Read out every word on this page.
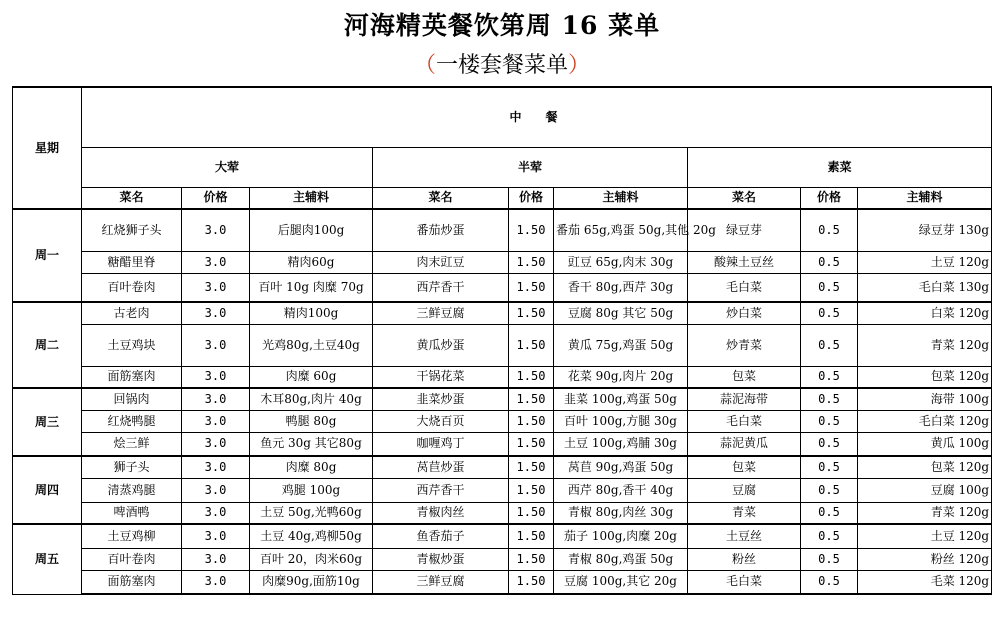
河海精英餐饮第周 16 菜单
（一楼套餐菜单）
星期	中　餐								
	大荤			半荤			素菜		
	菜名	价格	主辅料	菜名	价格	主辅料	菜名	价格	主辅料
周一	红烧狮子头	3.0	后腿肉100g	番茄炒蛋	1.50	番茄 65g,鸡蛋 50g,其他 20g	绿豆芽	0.5	绿豆芽 130g
	糖醋里脊	3.0	精肉60g	肉末豇豆	1.50	豇豆 65g,肉末 30g	酸辣土豆丝	0.5	土豆 120g
	百叶卷肉	3.0	百叶 10g 肉糜 70g	西芹香干	1.50	香干 80g,西芹 30g	毛白菜	0.5	毛白菜 130g
周二	古老肉	3.0	精肉100g	三鲜豆腐	1.50	豆腐 80g 其它 50g	炒白菜	0.5	白菜 120g
	土豆鸡块	3.0	光鸡80g,土豆40g	黄瓜炒蛋	1.50	黄瓜 75g,鸡蛋 50g	炒青菜	0.5	青菜 120g
	面筋塞肉	3.0	肉糜 60g	干锅花菜	1.50	花菜 90g,肉片 20g	包菜	0.5	包菜 120g
周三	回锅肉	3.0	木耳80g,肉片 40g	韭菜炒蛋	1.50	韭菜 100g,鸡蛋 50g	蒜泥海带	0.5	海带 100g
	红烧鸭腿	3.0	鸭腿 80g	大烧百页	1.50	百叶 100g,方腿 30g	毛白菜	0.5	毛白菜 120g
	烩三鲜	3.0	鱼元 30g 其它80g	咖喱鸡丁	1.50	土豆 100g,鸡脯 30g	蒜泥黄瓜	0.5	黄瓜 100g
周四	狮子头	3.0	肉糜 80g	莴苣炒蛋	1.50	莴苣 90g,鸡蛋 50g	包菜	0.5	包菜 120g
	清蒸鸡腿	3.0	鸡腿 100g	西芹香干	1.50	西芹 80g,香干 40g	豆腐	0.5	豆腐 100g
	啤酒鸭	3.0	土豆 50g,光鸭60g	青椒肉丝	1.50	青椒 80g,肉丝 30g	青菜	0.5	青菜 120g
周五	土豆鸡柳	3.0	土豆 40g,鸡柳50g	鱼香茄子	1.50	茄子 100g,肉糜 20g	土豆丝	0.5	土豆 120g
	百叶卷肉	3.0	百叶 20，肉米60g	青椒炒蛋	1.50	青椒 80g,鸡蛋 50g	粉丝	0.5	粉丝 120g
	面筋塞肉	3.0	肉糜90g,面筋10g	三鲜豆腐	1.50	豆腐 100g,其它 20g	毛白菜	0.5	毛菜 120g
